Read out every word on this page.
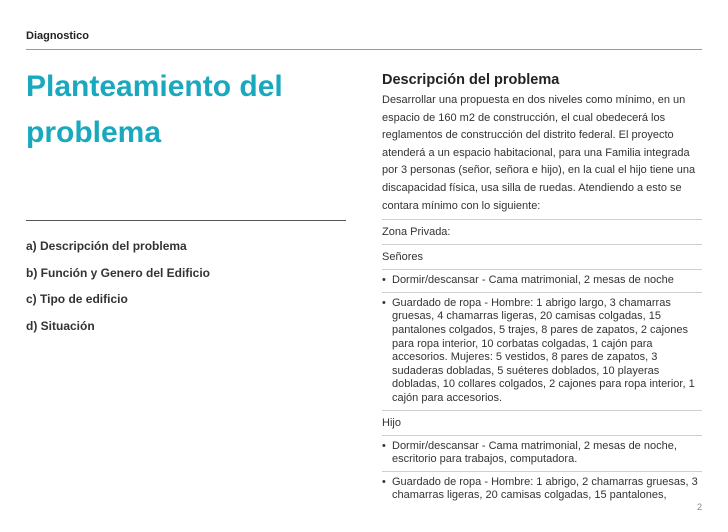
Diagnostico
Planteamiento del problema
a) Descripción del problema
b) Función y Genero del Edificio
c) Tipo de edificio
d) Situación
Descripción del problema

Desarrollar una propuesta en dos niveles como mínimo, en un espacio de 160 m2 de construcción, el cual obedecerá los reglamentos de construcción del distrito federal. El proyecto atenderá a un espacio habitacional, para una Familia integrada por 3 personas (señor, señora e hijo), en la cual el hijo tiene una discapacidad física, usa silla de ruedas. Atendiendo a esto se contara mínimo con lo siguiente:

Zona Privada:
Señores
• Dormir/descansar - Cama matrimonial, 2 mesas de noche
• Guardado de ropa - Hombre: 1 abrigo largo, 3 chamarras gruesas, 4 chamarras ligeras, 20 camisas colgadas, 15 pantalones colgados, 5 trajes, 8 pares de zapatos, 2 cajones para ropa interior, 10 corbatas colgadas, 1 cajón para accesorios. Mujeres: 5 vestidos, 8 pares de zapatos, 3 sudaderas dobladas, 5 suéteres doblados, 10 playeras dobladas, 10 collares colgados, 2 cajones para ropa interior, 1 cajón para accesorios.
Hijo
• Dormir/descansar - Cama matrimonial, 2 mesas de noche, escritorio para trabajos, computadora.
• Guardado de ropa - Hombre: 1 abrigo, 2 chamarras gruesas, 3 chamarras ligeras, 20 camisas colgadas, 15 pantalones,
2
